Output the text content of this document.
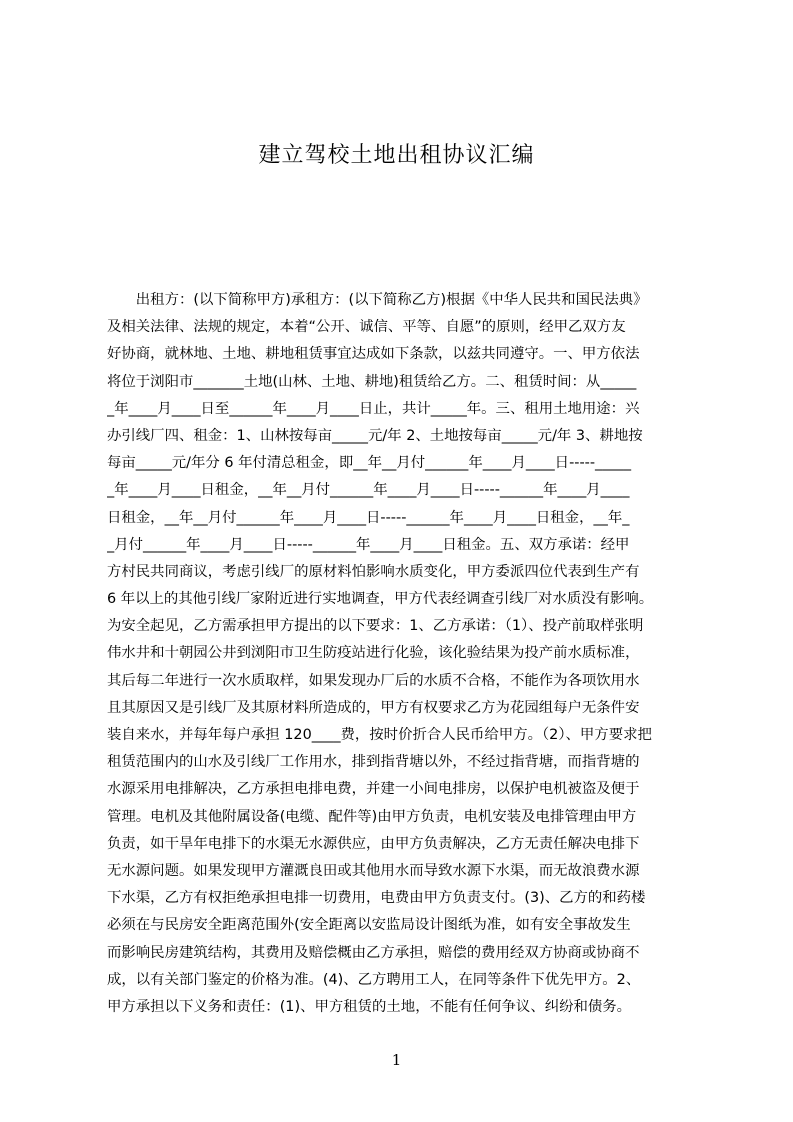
建立驾校土地出租协议汇编
　　出租方：(以下简称甲方)承租方：(以下简称乙方)根据《中华人民共和国民法典》
及相关法律、法规的规定，本着“公开、诚信、平等、自愿”的原则，经甲乙双方友
好协商，就林地、土地、耕地租赁事宜达成如下条款，以兹共同遵守。一、甲方依法
将位于浏阳市_______土地(山林、土地、耕地)租赁给乙方。二、租赁时间：从_____
_年____月____日至______年____月____日止，共计_____年。三、租用土地用途：兴
办引线厂四、租金：1、山林按每亩_____元/年 2、土地按每亩_____元/年 3、耕地按
每亩_____元/年分 6 年付清总租金，即__年__月付______年____月____日-----_____
_年____月____日租金，__年__月付______年____月____日-----______年____月____
日租金，__年__月付______年____月____日-----______年____月____日租金，__年_
_月付______年____月____日-----______年____月____日租金。五、双方承诺：经甲
方村民共同商议，考虑引线厂的原材料怕影响水质变化，甲方委派四位代表到生产有
6 年以上的其他引线厂家附近进行实地调查，甲方代表经调查引线厂对水质没有影响。
为安全起见，乙方需承担甲方提出的以下要求：1、乙方承诺：（1）、投产前取样张明
伟水井和十朝园公井到浏阳市卫生防疫站进行化验，该化验结果为投产前水质标准，
其后每二年进行一次水质取样，如果发现办厂后的水质不合格，不能作为各项饮用水
且其原因又是引线厂及其原材料所造成的，甲方有权要求乙方为花园组每户无条件安
装自来水，并每年每户承担 120____费，按时价折合人民币给甲方。（2）、甲方要求把
租赁范围内的山水及引线厂工作用水，排到指背塘以外，不经过指背塘，而指背塘的
水源采用电排解决，乙方承担电排电费，并建一小间电排房，以保护电机被盗及便于
管理。电机及其他附属设备(电缆、配件等)由甲方负责，电机安装及电排管理由甲方
负责，如干旱年电排下的水渠无水源供应，由甲方负责解决，乙方无责任解决电排下
无水源问题。如果发现甲方灌溉良田或其他用水而导致水源下水渠，而无故浪费水源
下水渠，乙方有权拒绝承担电排一切费用，电费由甲方负责支付。(3)、乙方的和药楼
必须在与民房安全距离范围外(安全距离以安监局设计图纸为准，如有安全事故发生
而影响民房建筑结构，其费用及赔偿概由乙方承担，赔偿的费用经双方协商或协商不
成，以有关部门鉴定的价格为准。(4)、乙方聘用工人，在同等条件下优先甲方。2、
甲方承担以下义务和责任：(1)、甲方租赁的土地，不能有任何争议、纠纷和债务。
1
